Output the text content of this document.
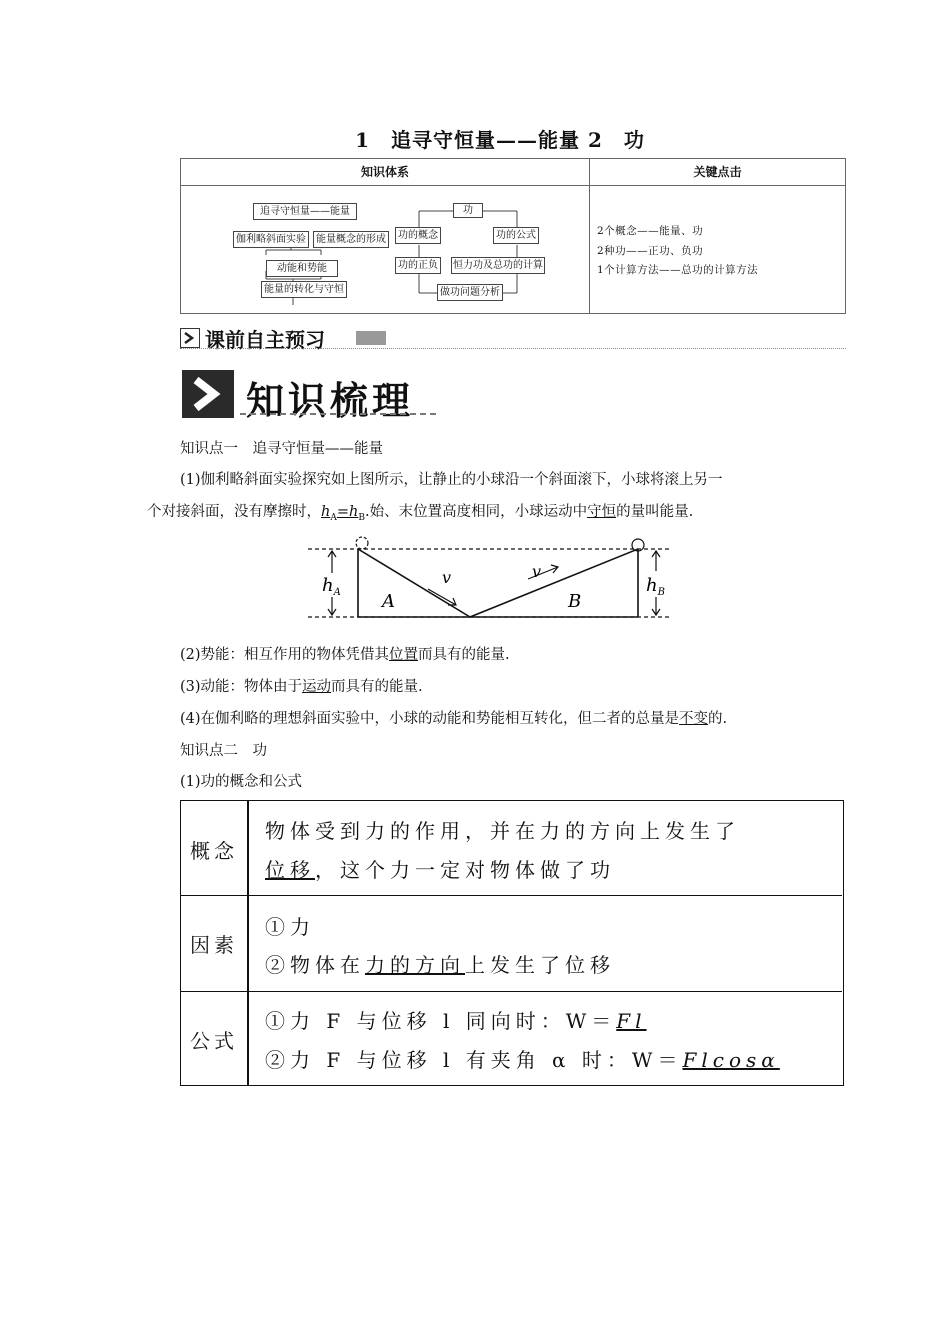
1　追寻守恒量——能量 2　功
知识体系	关键点击
追寻守恒量——能量
伽利略斜面实验	能量概念的形成
动能和势能
能量的转化与守恒
功
功的概念	功的公式
功的正负	恒力功及总功的计算
做功问题分析
2个概念——能量、功
2种功——正功、负功
1个计算方法——总功的计算方法
课前自主预习
知识梳理
知识点一　追寻守恒量——能量
(1)伽利略斜面实验探究如上图所示，让静止的小球沿一个斜面滚下，小球将滚上另一
个对接斜面，没有摩擦时，$h_A=h_B$.始、末位置高度相同，小球运动中守恒的量叫能量.
A	B
v	v
$h_A$	$h_B$
(2)势能：相互作用的物体凭借其位置而具有的能量.
(3)动能：物体由于运动而具有的能量.
(4)在伽利略的理想斜面实验中，小球的动能和势能相互转化，但二者的总量是不变的.
知识点二　功
(1)功的概念和公式
概念
物体受到力的作用，并在力的方向上发生了
位移，这个力一定对物体做了功
因素
①力
②物体在力的方向上发生了位移
公式
①力 F 与位移 l 同向时：W＝Fl
②力 F 与位移 l 有夹角 α 时：W＝Flcosα
